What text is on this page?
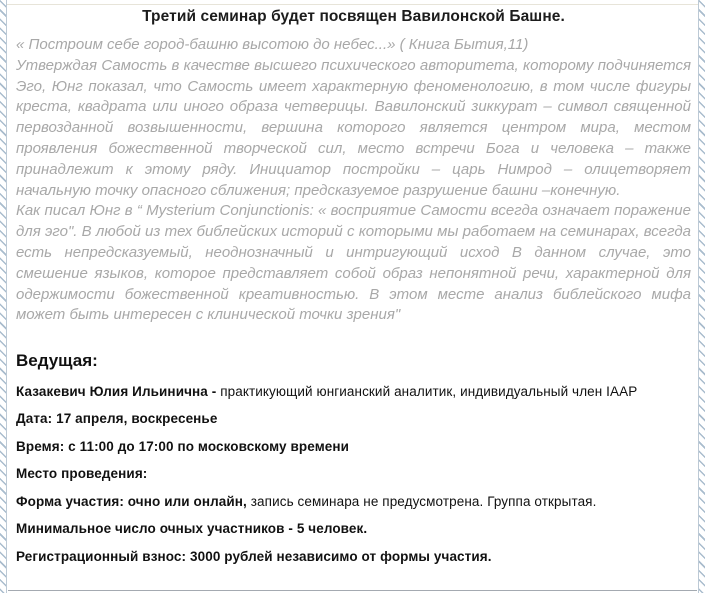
Третий семинар будет посвящен Вавилонской Башне.

« Построим себе город-башню высотою до небес...» ( Книга Бытия,11)

Утверждая Самость в качестве высшего психического авторитета, которому подчиняется Эго, Юнг показал, что Самость имеет характерную феноменологию, в том числе фигуры креста, квадрата или иного образа четверицы. Вавилонский зиккурат – символ священной первозданной возвышенности, вершина которого является центром мира, местом проявления божественной творческой сил, место встречи Бога и человека – также принадлежит к этому ряду. Инициатор постройки – царь Нимрод – олицетворяет начальную точку опасного сближения; предсказуемое разрушение башни –конечную.

Как писал Юнг в “ Mysterium Conjunctionis: « восприятие Самости всегда означает поражение для эго". В любой из тех библейских историй с которыми мы работаем на семинарах, всегда есть непредсказуемый, неоднозначный и интригующий исход В данном случае, это смешение языков, которое представляет собой образ непонятной речи, характерной для одержимости божественной креативностью. В этом месте анализ библейского мифа может быть интересен с клинической точки зрения"

Ведущая:
Казакевич Юлия Ильинична - практикующий юнгианский аналитик, индивидуальный член IAAP
Дата: 17 апреля, воскресенье
Время: с 11:00 до 17:00 по московскому времени
Место проведения:
Форма участия: очно или онлайн, запись семинара не предусмотрена. Группа открытая.
Минимальное число очных участников - 5 человек.
Регистрационный взнос: 3000 рублей независимо от формы участия.
